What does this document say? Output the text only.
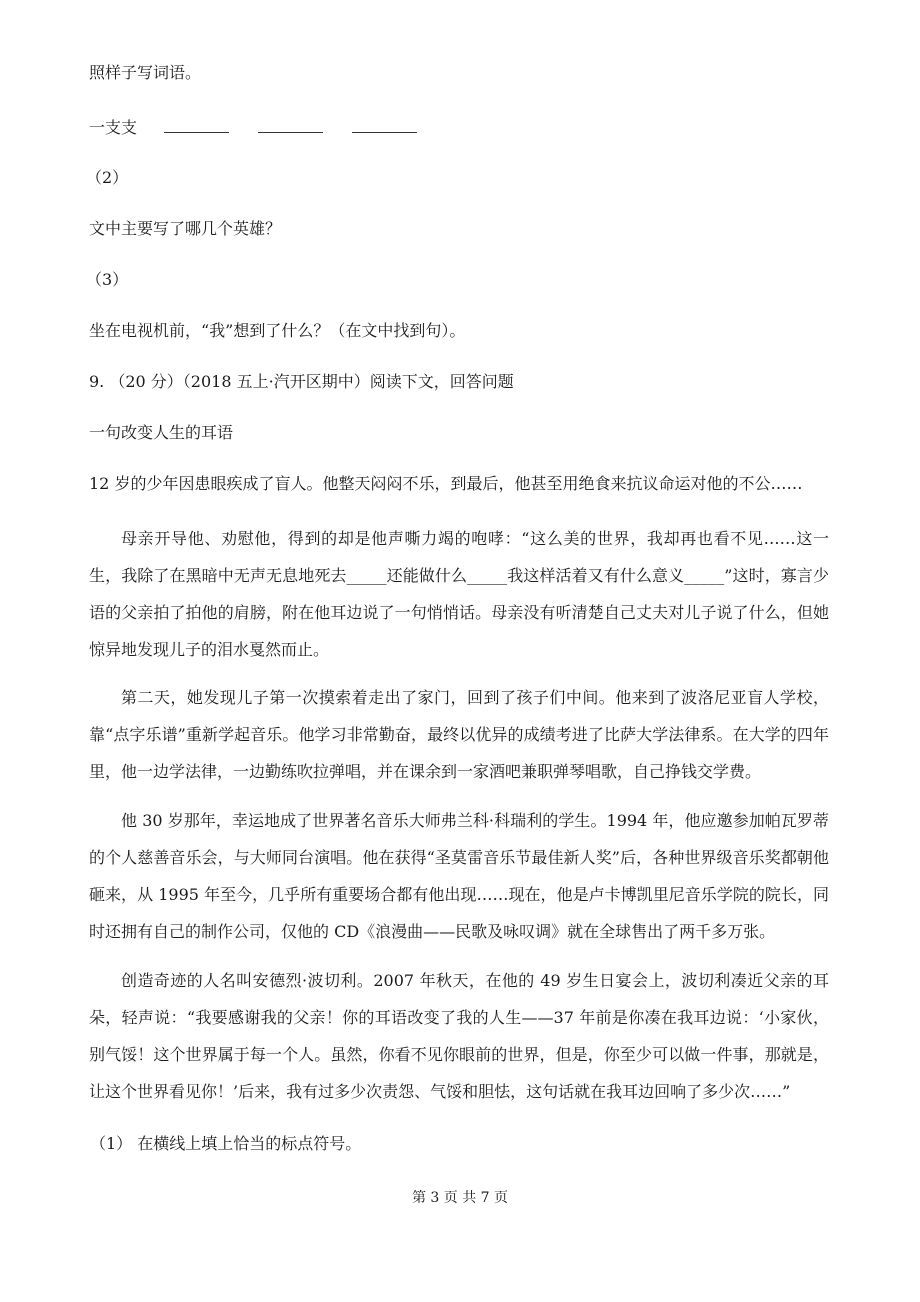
照样子写词语。
一支支
（2）
文中主要写了哪几个英雄？
（3）
坐在电视机前，“我”想到了什么？（在文中找到句）。
9. （20 分）（2018 五上·汽开区期中）阅读下文，回答问题
一句改变人生的耳语
12 岁的少年因患眼疾成了盲人。他整天闷闷不乐，到最后，他甚至用绝食来抗议命运对他的不公……
母亲开导他、劝慰他，得到的却是他声嘶力竭的咆哮：“这么美的世界，我却再也看不见……这一生，我除了在黑暗中无声无息地死去_____还能做什么_____我这样活着又有什么意义_____”这时，寡言少语的父亲拍了拍他的肩膀，附在他耳边说了一句悄悄话。母亲没有听清楚自己丈夫对儿子说了什么，但她惊异地发现儿子的泪水戛然而止。
第二天，她发现儿子第一次摸索着走出了家门，回到了孩子们中间。他来到了波洛尼亚盲人学校，靠“点字乐谱”重新学起音乐。他学习非常勤奋，最终以优异的成绩考进了比萨大学法律系。在大学的四年里，他一边学法律，一边勤练吹拉弹唱，并在课余到一家酒吧兼职弹琴唱歌，自己挣钱交学费。
他 30 岁那年，幸运地成了世界著名音乐大师弗兰科·科瑞利的学生。1994 年，他应邀参加帕瓦罗蒂的个人慈善音乐会，与大师同台演唱。他在获得“圣莫雷音乐节最佳新人奖”后，各种世界级音乐奖都朝他砸来，从 1995 年至今，几乎所有重要场合都有他出现……现在，他是卢卡博凯里尼音乐学院的院长，同时还拥有自己的制作公司，仅他的 CD《浪漫曲——民歌及咏叹调》就在全球售出了两千多万张。
创造奇迹的人名叫安德烈·波切利。2007 年秋天，在他的 49 岁生日宴会上，波切利凑近父亲的耳朵，轻声说：“我要感谢我的父亲！你的耳语改变了我的人生——37 年前是你凑在我耳边说：‘小家伙，别气馁！这个世界属于每一个人。虽然，你看不见你眼前的世界，但是，你至少可以做一件事，那就是，让这个世界看见你！’后来，我有过多少次责怨、气馁和胆怯，这句话就在我耳边回响了多少次……”
（1） 在横线上填上恰当的标点符号。
第 3 页 共 7 页
